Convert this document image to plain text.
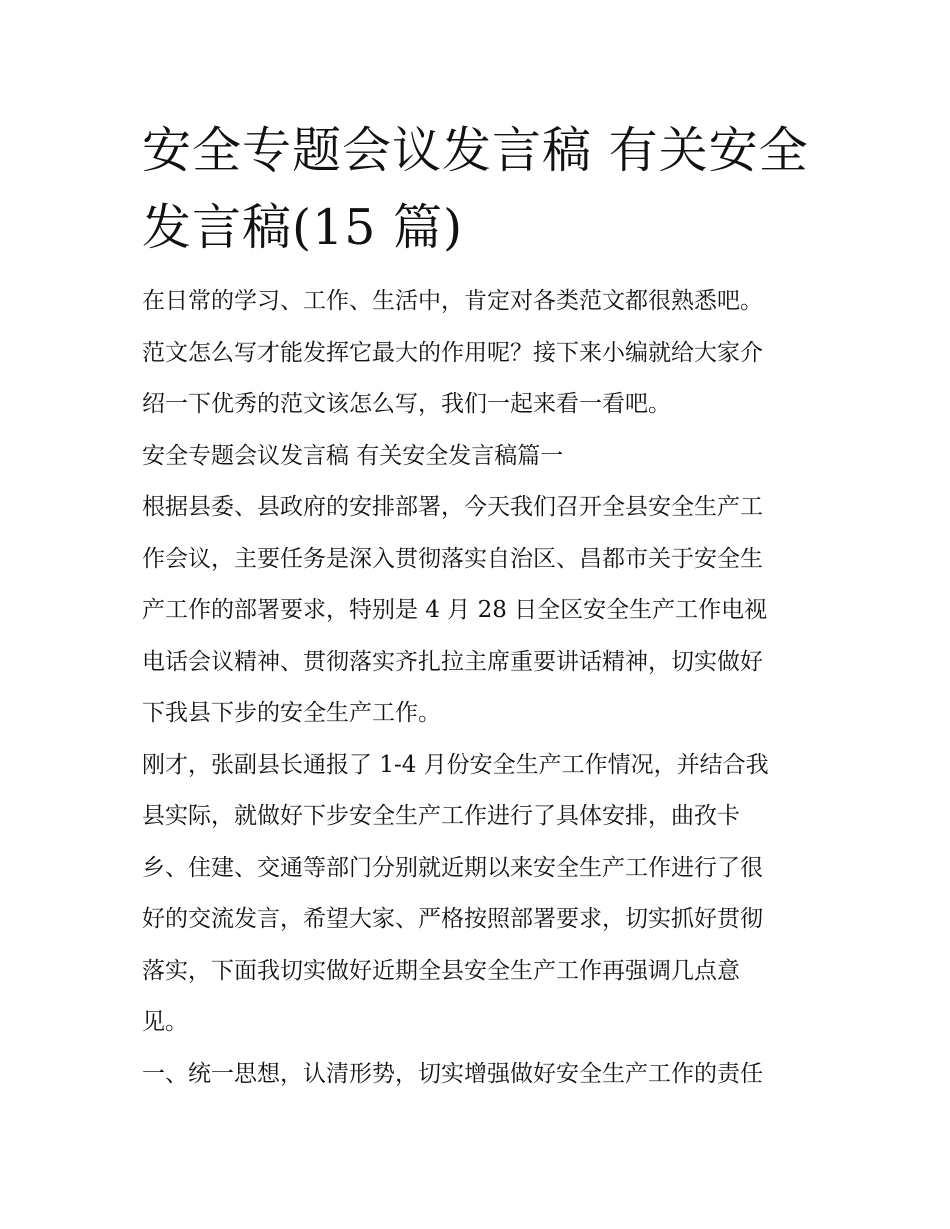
安全专题会议发言稿 有关安全
发言稿(15 篇)

在日常的学习、工作、生活中，肯定对各类范文都很熟悉吧。
范文怎么写才能发挥它最大的作用呢？接下来小编就给大家介
绍一下优秀的范文该怎么写，我们一起来看一看吧。

安全专题会议发言稿 有关安全发言稿篇一

根据县委、县政府的安排部署，今天我们召开全县安全生产工
作会议，主要任务是深入贯彻落实自治区、昌都市关于安全生
产工作的部署要求，特别是 4 月 28 日全区安全生产工作电视
电话会议精神、贯彻落实齐扎拉主席重要讲话精神，切实做好
下我县下步的安全生产工作。

刚才，张副县长通报了 1-4 月份安全生产工作情况，并结合我
县实际，就做好下步安全生产工作进行了具体安排，曲孜卡
乡、住建、交通等部门分别就近期以来安全生产工作进行了很
好的交流发言，希望大家、严格按照部署要求，切实抓好贯彻
落实，下面我切实做好近期全县安全生产工作再强调几点意
见。

一、统一思想，认清形势，切实增强做好安全生产工作的责任
